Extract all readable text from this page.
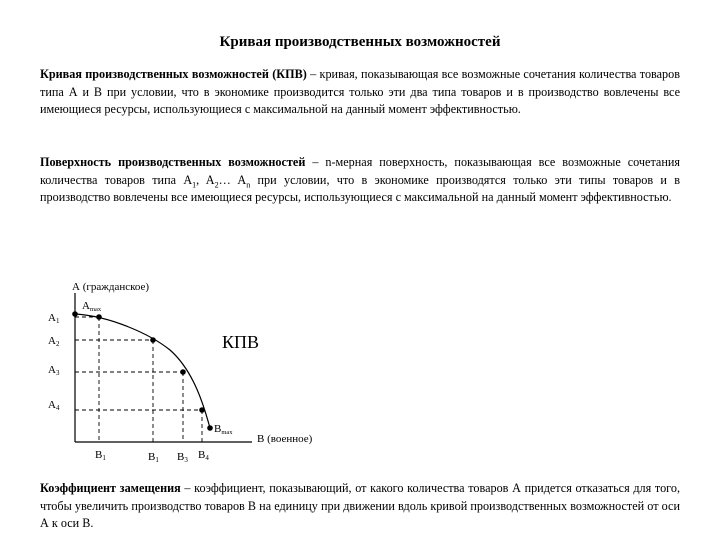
Кривая производственных возможностей
Кривая производственных возможностей (КПВ) – кривая, показывающая все возможные сочетания количества товаров типа А и В при условии, что в экономике производится только эти два типа товаров и в производство вовлечены все имеющиеся ресурсы, использующиеся с максимальной на данный момент эффективностью.
Поверхность производственных возможностей – n-мерная поверхность, показывающая все возможные сочетания количества товаров типа $A_1$, $A_2\dots$ $A_n$ при условии, что в экономике производятся только эти типы товаров и в производство вовлечены все имеющиеся ресурсы, использующиеся с максимальной на данный момент эффективностью.
А (гражданское)
В (военное)
КПВ
Amax
Bmax
A1
A2
A3
A4
B1	B1 B3 B4
Коэффициент замещения – коэффициент, показывающий, от какого количества товаров А придется отказаться для того, чтобы увеличить производство товаров В на единицу при движении вдоль кривой производственных возможностей от оси А к оси В.
